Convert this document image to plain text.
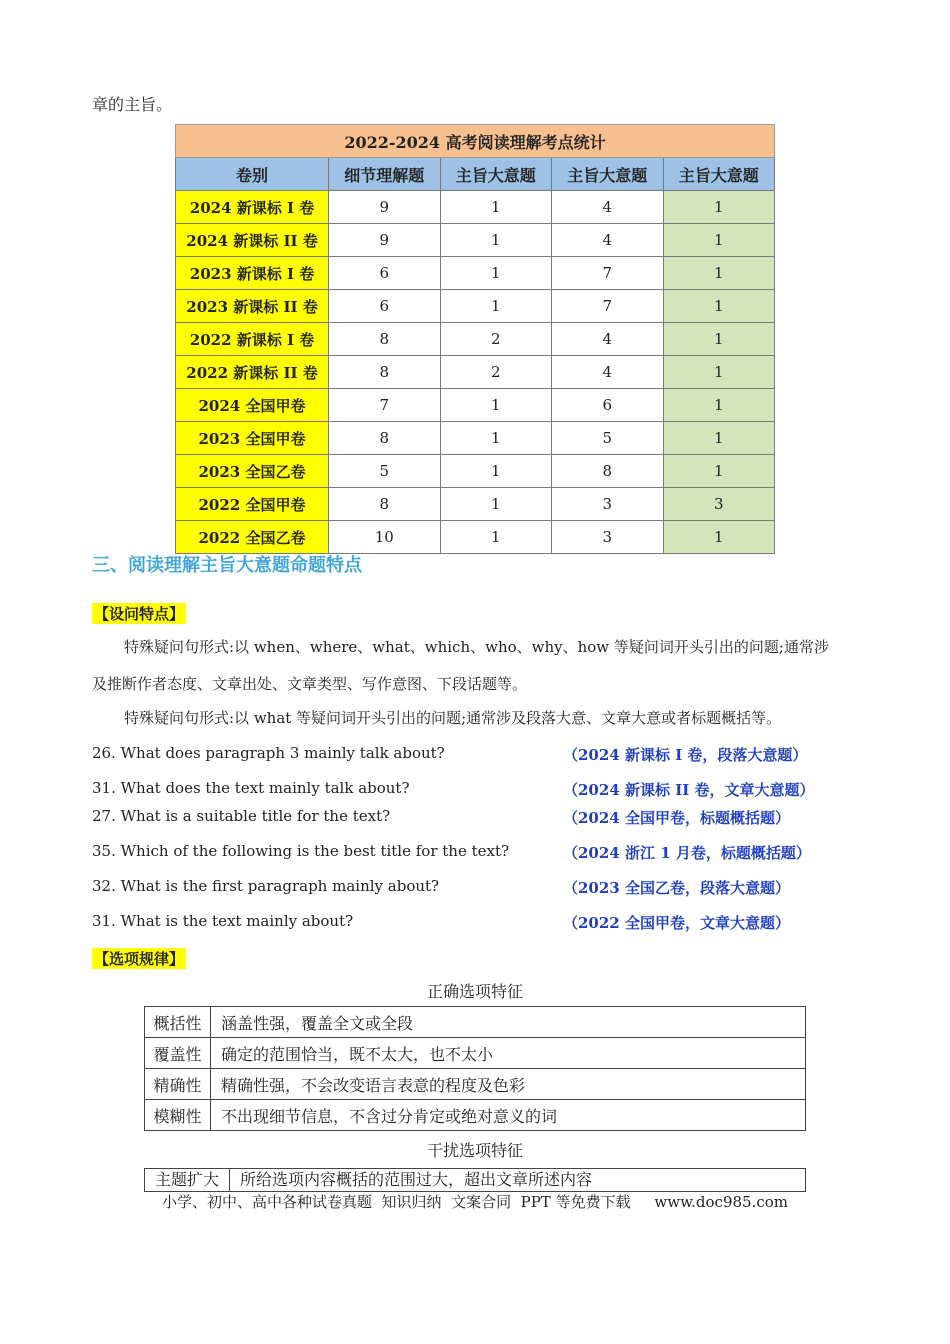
章的主旨。
2022-2024 高考阅读理解考点统计				
卷别	细节理解题	主旨大意题	主旨大意题	主旨大意题
2024 新课标 I 卷	9	1	4	1
2024 新课标 II 卷	9	1	4	1
2023 新课标 I 卷	6	1	7	1
2023 新课标 II 卷	6	1	7	1
2022 新课标 I 卷	8	2	4	1
2022 新课标 II 卷	8	2	4	1
2024 全国甲卷	7	1	6	1
2023 全国甲卷	8	1	5	1
2023 全国乙卷	5	1	8	1
2022 全国甲卷	8	1	3	3
2022 全国乙卷	10	1	3	1
三、阅读理解主旨大意题命题特点
【设问特点】
特殊疑问句形式:以 when、where、what、which、who、why、how 等疑问词开头引出的问题;通常涉
及推断作者态度、文章出处、文章类型、写作意图、下段话题等。
特殊疑问句形式:以 what 等疑问词开头引出的问题;通常涉及段落大意、文章大意或者标题概括等。
26. What does paragraph 3 mainly talk about?	（2024 新课标 I 卷，段落大意题）
31. What does the text mainly talk about?	（2024 新课标 II 卷，文章大意题）
27. What is a suitable title for the text?	（2024 全国甲卷，标题概括题）
35. Which of the following is the best title for the text?	（2024 浙江 1 月卷，标题概括题）
32. What is the first paragraph mainly about?	（2023 全国乙卷，段落大意题）
31. What is the text mainly about?	（2022 全国甲卷，文章大意题）
【选项规律】
正确选项特征
概括性	涵盖性强，覆盖全文或全段
覆盖性	确定的范围恰当，既不太大，也不太小
精确性	精确性强，不会改变语言表意的程度及色彩
模糊性	不出现细节信息，不含过分肯定或绝对意义的词
干扰选项特征
主题扩大	所给选项内容概括的范围过大，超出文章所述内容
小学、初中、高中各种试卷真题  知识归纳  文案合同  PPT 等免费下载     www.doc985.com
